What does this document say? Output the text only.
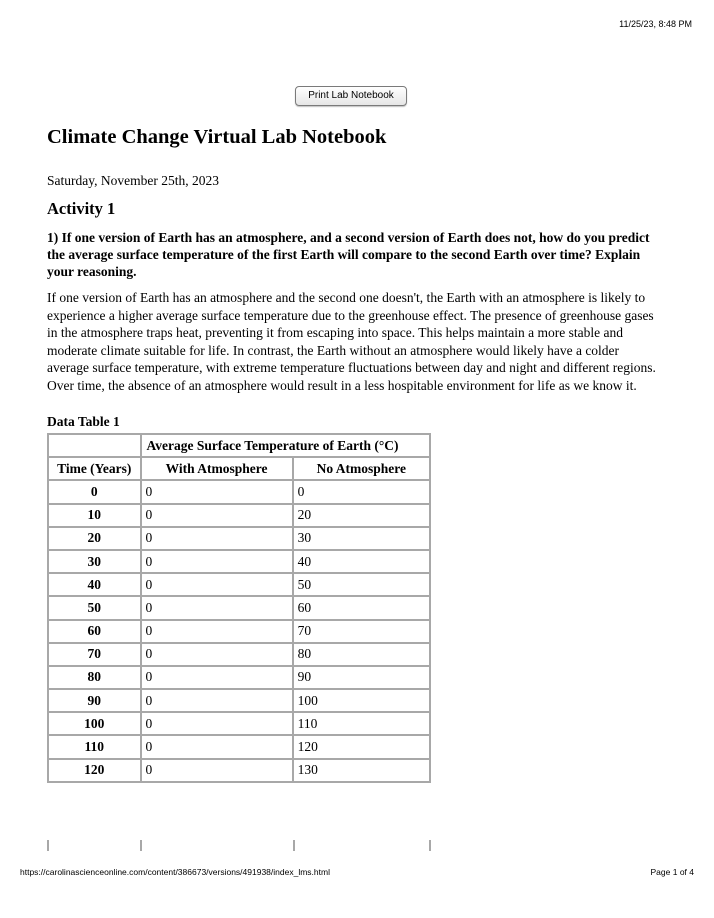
11/25/23, 8:48 PM
Print Lab Notebook
Climate Change Virtual Lab Notebook
Saturday, November 25th, 2023
Activity 1
1) If one version of Earth has an atmosphere, and a second version of Earth does not, how do you predict the average surface temperature of the first Earth will compare to the second Earth over time? Explain your reasoning.
If one version of Earth has an atmosphere and the second one doesn't, the Earth with an atmosphere is likely to experience a higher average surface temperature due to the greenhouse effect. The presence of greenhouse gases in the atmosphere traps heat, preventing it from escaping into space. This helps maintain a more stable and moderate climate suitable for life. In contrast, the Earth without an atmosphere would likely have a colder average surface temperature, with extreme temperature fluctuations between day and night and different regions. Over time, the absence of an atmosphere would result in a less hospitable environment for life as we know it.
Data Table 1
	Average Surface Temperature of Earth (°C)	
Time (Years)	With Atmosphere	No Atmosphere
0	0	0
10	0	20
20	0	30
30	0	40
40	0	50
50	0	60
60	0	70
70	0	80
80	0	90
90	0	100
100	0	110
110	0	120
120	0	130
https://carolinascienceonline.com/content/386673/versions/491938/index_lms.html	Page 1 of 4
